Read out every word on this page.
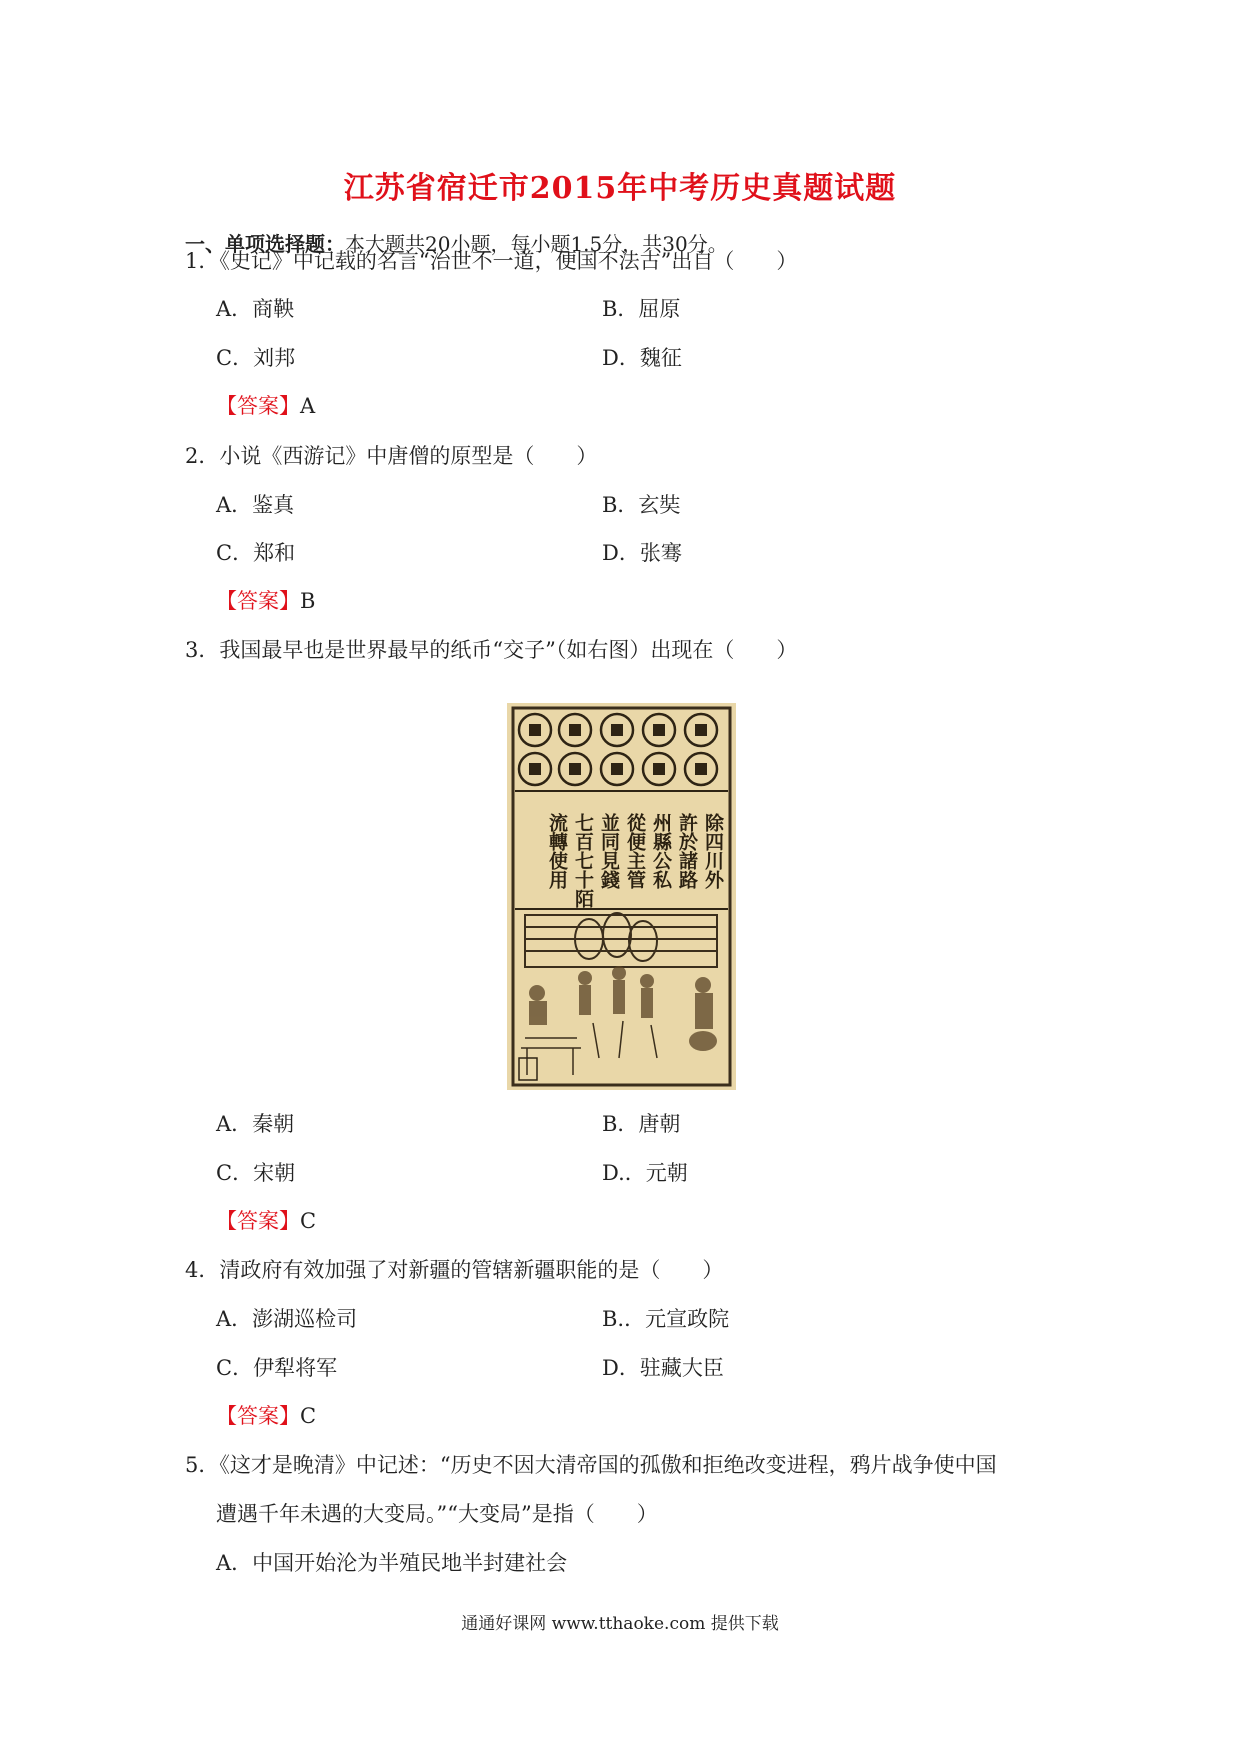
江苏省宿迁市2015年中考历史真题试题
一、单项选择题：本大题共20小题，每小题1.5分，共30分。
1．《史记》中记载的名言“治世不一道，便国不法古”出自（　　）
A．商鞅	B．屈原
C．刘邦	D．魏征
【答案】A
2．小说《西游记》中唐僧的原型是（　　）
A．鉴真	B．玄奘
C．郑和	D．张骞
【答案】B
3．我国最早也是世界最早的纸币“交子”（如右图）出现在（　　）
除四川外
許於諸路
州縣公私
從便主管
並同見錢
七百七十陌
流轉使用
A．秦朝	B．唐朝
C．宋朝	D.．元朝
【答案】C
4．清政府有效加强了对新疆的管辖新疆职能的是（　　）
A．澎湖巡检司	B.．元宣政院
C．伊犁将军	D．驻藏大臣
【答案】C
5．《这才是晚清》中记述：“历史不因大清帝国的孤傲和拒绝改变进程，鸦片战争使中国
遭遇千年未遇的大变局。”“大变局”是指（　　）
A．中国开始沦为半殖民地半封建社会
通通好课网 www.tthaoke.com 提供下载
